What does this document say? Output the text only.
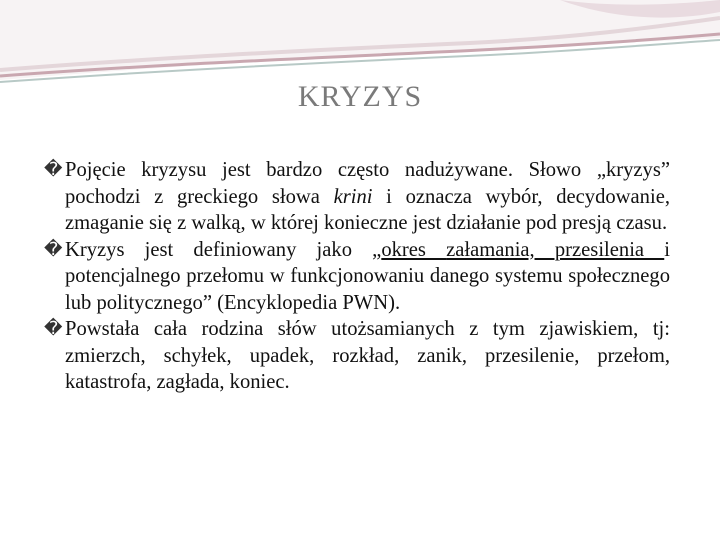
KRYZYS
� Pojęcie kryzysu jest bardzo często nadużywane. Słowo „kryzys” pochodzi z greckiego słowa krini i oznacza wybór, decydowanie, zmaganie się z walką, w której konieczne jest działanie pod presją czasu.
� Kryzys jest definiowany jako „okres załamania, przesilenia i potencjalnego przełomu w funkcjonowaniu danego systemu społecznego lub politycznego” (Encyklopedia PWN).
� Powstała cała rodzina słów utożsamianych z tym zjawiskiem, tj: zmierzch, schyłek, upadek, rozkład, zanik, przesilenie, przełom, katastrofa, zagłada, koniec.
